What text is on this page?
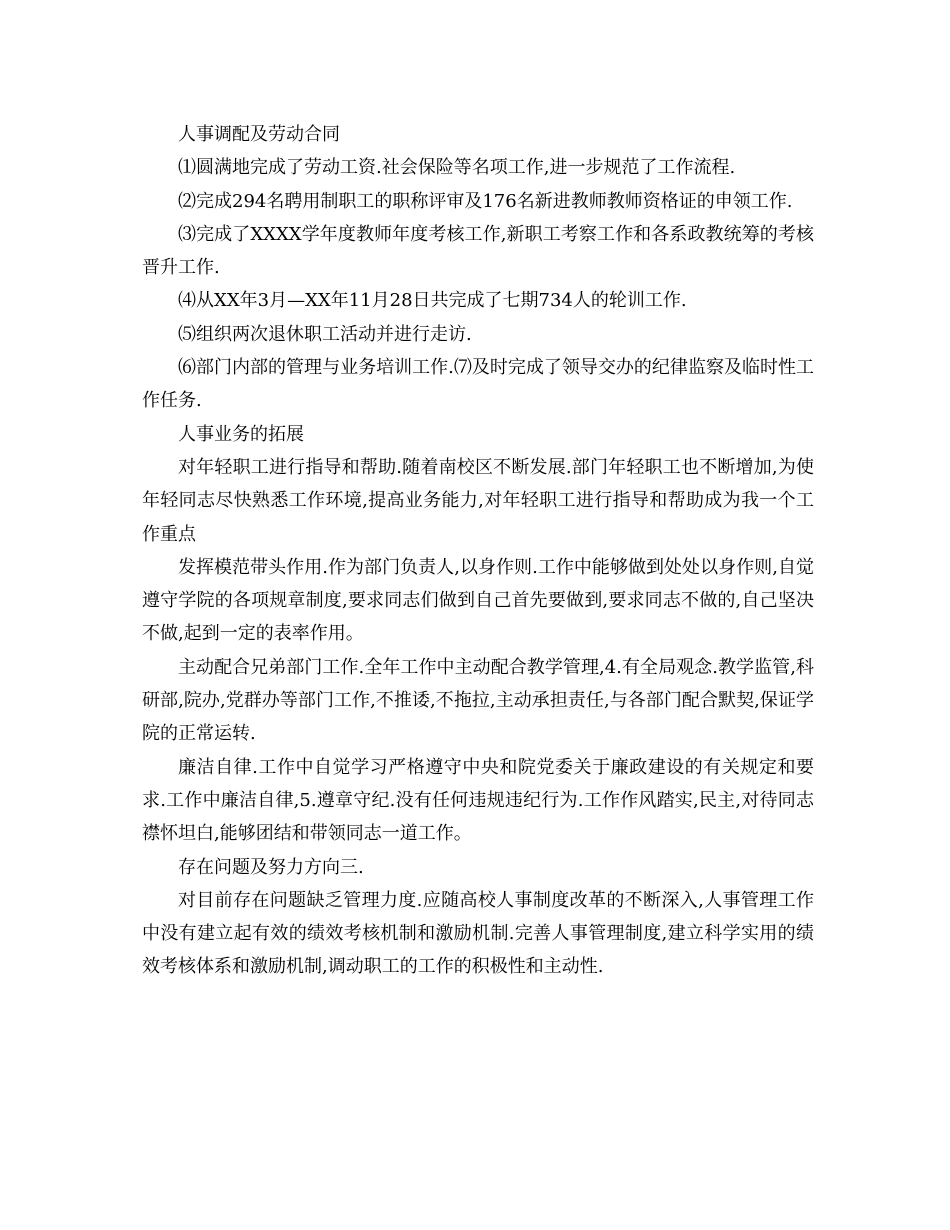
人事调配及劳动合同

⑴圆满地完成了劳动工资.社会保险等名项工作,进一步规范了工作流程.

⑵完成294名聘用制职工的职称评审及176名新进教师教师资格证的申领工作.

⑶完成了XXXX学年度教师年度考核工作,新职工考察工作和各系政教统筹的考核晋升工作.

⑷从XX年3月—XX年11月28日共完成了七期734人的轮训工作.

⑸组织两次退休职工活动并进行走访.

⑹部门内部的管理与业务培训工作.⑺及时完成了领导交办的纪律监察及临时性工作任务.

人事业务的拓展

对年轻职工进行指导和帮助.随着南校区不断发展.部门年轻职工也不断增加,为使年轻同志尽快熟悉工作环境,提高业务能力,对年轻职工进行指导和帮助成为我一个工作重点

发挥模范带头作用.作为部门负责人,以身作则.工作中能够做到处处以身作则,自觉遵守学院的各项规章制度,要求同志们做到自己首先要做到,要求同志不做的,自己坚决不做,起到一定的表率作用。

主动配合兄弟部门工作.全年工作中主动配合教学管理,4.有全局观念.教学监管,科研部,院办,党群办等部门工作,不推诿,不拖拉,主动承担责任,与各部门配合默契,保证学院的正常运转.

廉洁自律.工作中自觉学习严格遵守中央和院党委关于廉政建设的有关规定和要求.工作中廉洁自律,5.遵章守纪.没有任何违规违纪行为.工作作风踏实,民主,对待同志襟怀坦白,能够团结和带领同志一道工作。

存在问题及努力方向三.

对目前存在问题缺乏管理力度.应随高校人事制度改革的不断深入,人事管理工作中没有建立起有效的绩效考核机制和激励机制.完善人事管理制度,建立科学实用的绩效考核体系和激励机制,调动职工的工作的积极性和主动性.
